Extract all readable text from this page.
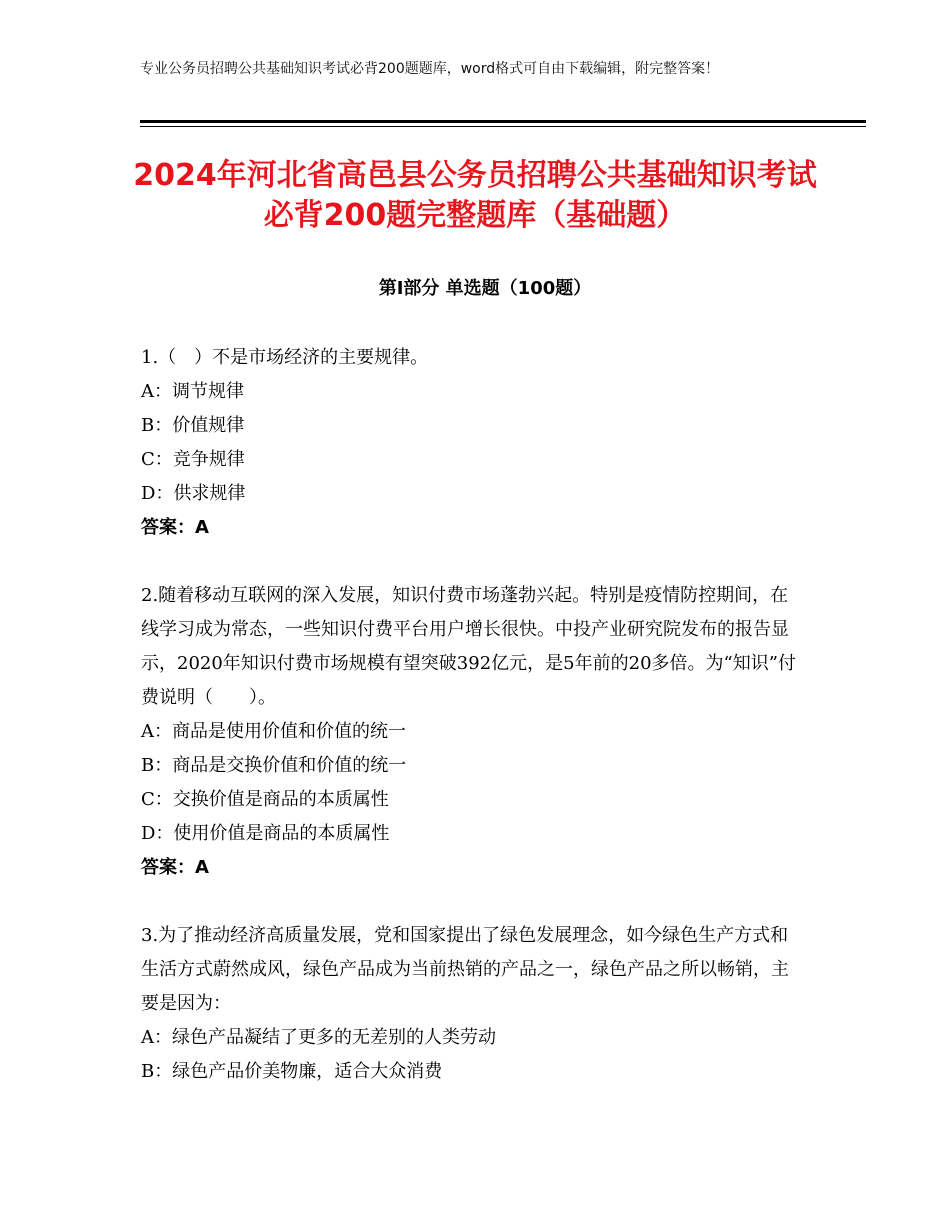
专业公务员招聘公共基础知识考试必背200题题库，word格式可自由下载编辑，附完整答案！
2024年河北省高邑县公务员招聘公共基础知识考试必背200题完整题库（基础题）
第I部分 单选题（100题）

1.（　）不是市场经济的主要规律。

A：调节规律

B：价值规律

C：竞争规律

D：供求规律

答案：A

2.随着移动互联网的深入发展，知识付费市场蓬勃兴起。特别是疫情防控期间，在线学习成为常态，一些知识付费平台用户增长很快。中投产业研究院发布的报告显示，2020年知识付费市场规模有望突破392亿元，是5年前的20多倍。为“知识”付费说明（　　）。

A：商品是使用价值和价值的统一

B：商品是交换价值和价值的统一

C：交换价值是商品的本质属性

D：使用价值是商品的本质属性

答案：A

3.为了推动经济高质量发展，党和国家提出了绿色发展理念，如今绿色生产方式和生活方式蔚然成风，绿色产品成为当前热销的产品之一，绿色产品之所以畅销，主要是因为：

A：绿色产品凝结了更多的无差别的人类劳动

B：绿色产品价美物廉，适合大众消费
